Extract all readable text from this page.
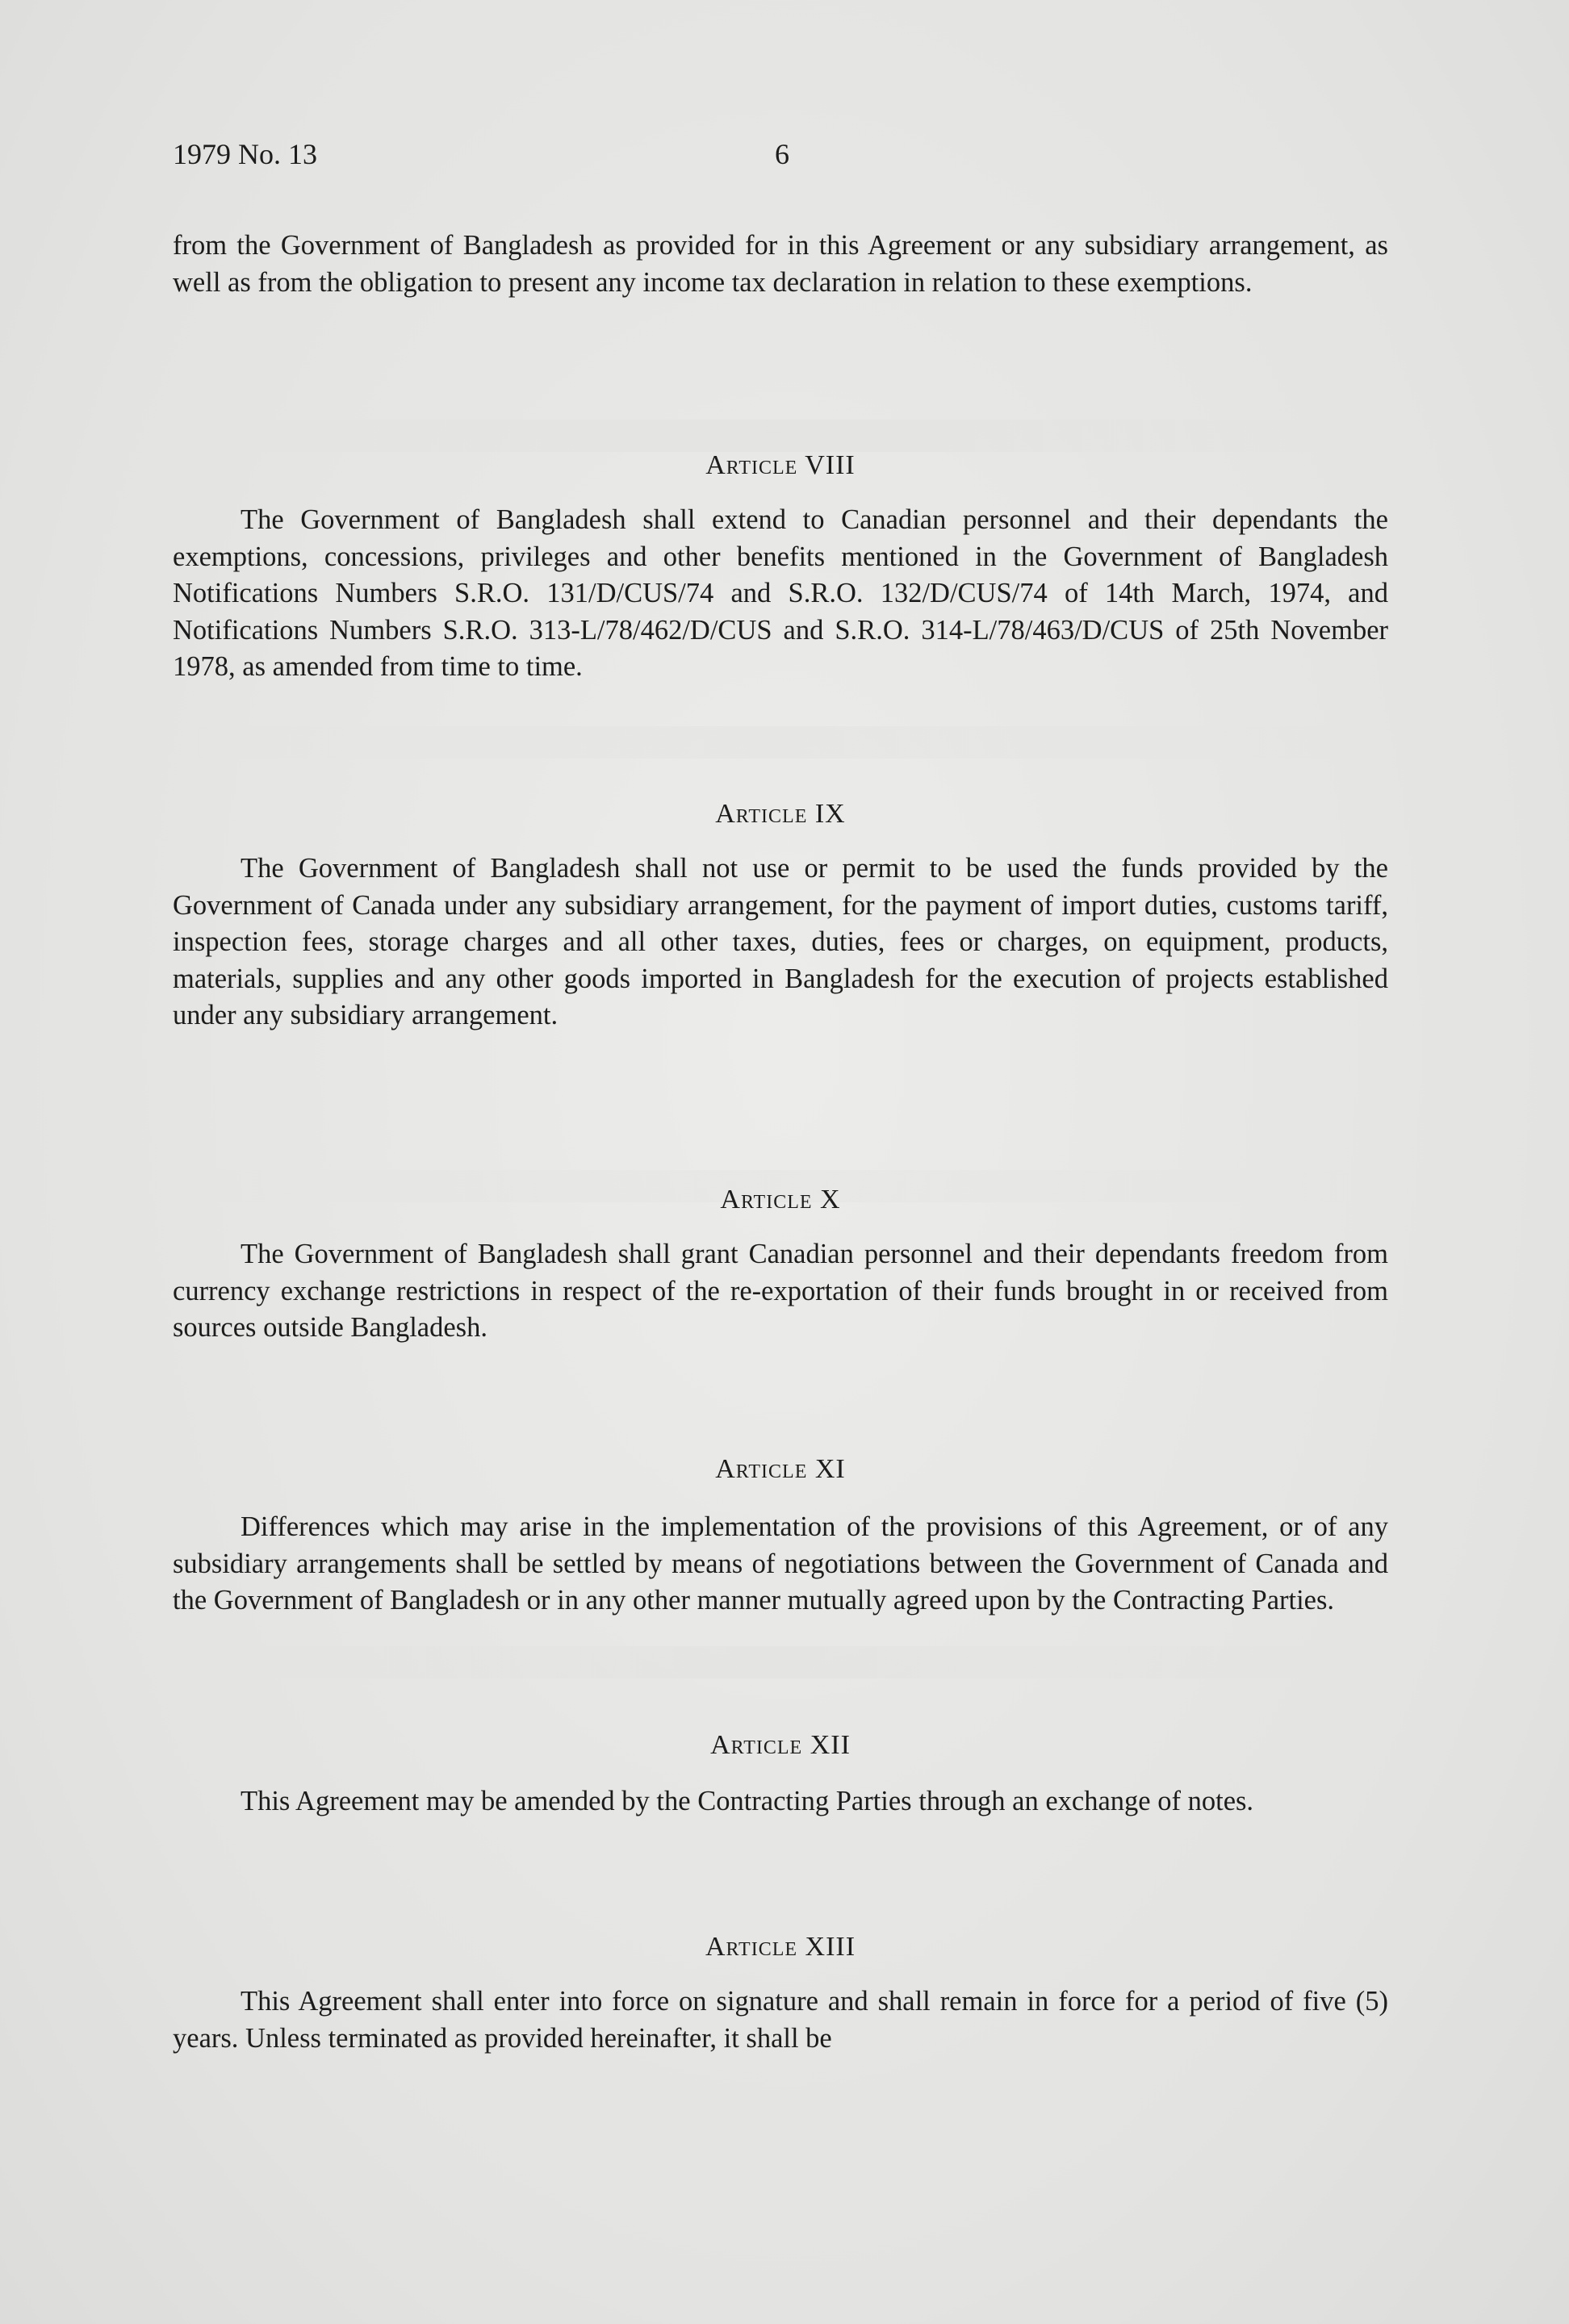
1979 No. 13	6

from the Government of Bangladesh as provided for in this Agreement or any subsidiary arrangement, as well as from the obligation to present any income tax declaration in relation to these exemptions.

Article VIII

The Government of Bangladesh shall extend to Canadian personnel and their dependants the exemptions, concessions, privileges and other benefits mentioned in the Government of Bangladesh Notifications Numbers S.R.O. 131/D/CUS/74 and S.R.O. 132/D/CUS/74 of 14th March, 1974, and Notifications Numbers S.R.O. 313-L/78/462/D/CUS and S.R.O. 314-L/78/463/D/CUS of 25th November 1978, as amended from time to time.

Article IX

The Government of Bangladesh shall not use or permit to be used the funds provided by the Government of Canada under any subsidiary arrangement, for the payment of import duties, customs tariff, inspection fees, storage charges and all other taxes, duties, fees or charges, on equipment, products, materials, supplies and any other goods imported in Bangladesh for the execution of projects established under any subsidiary arrangement.

Article X

The Government of Bangladesh shall grant Canadian personnel and their dependants freedom from currency exchange restrictions in respect of the re-exportation of their funds brought in or received from sources outside Bangladesh.

Article XI

Differences which may arise in the implementation of the provisions of this Agreement, or of any subsidiary arrangements shall be settled by means of negotiations between the Government of Canada and the Government of Bangladesh or in any other manner mutually agreed upon by the Contracting Parties.

Article XII

This Agreement may be amended by the Contracting Parties through an exchange of notes.

Article XIII

This Agreement shall enter into force on signature and shall remain in force for a period of five (5) years. Unless terminated as provided hereinafter, it shall be
